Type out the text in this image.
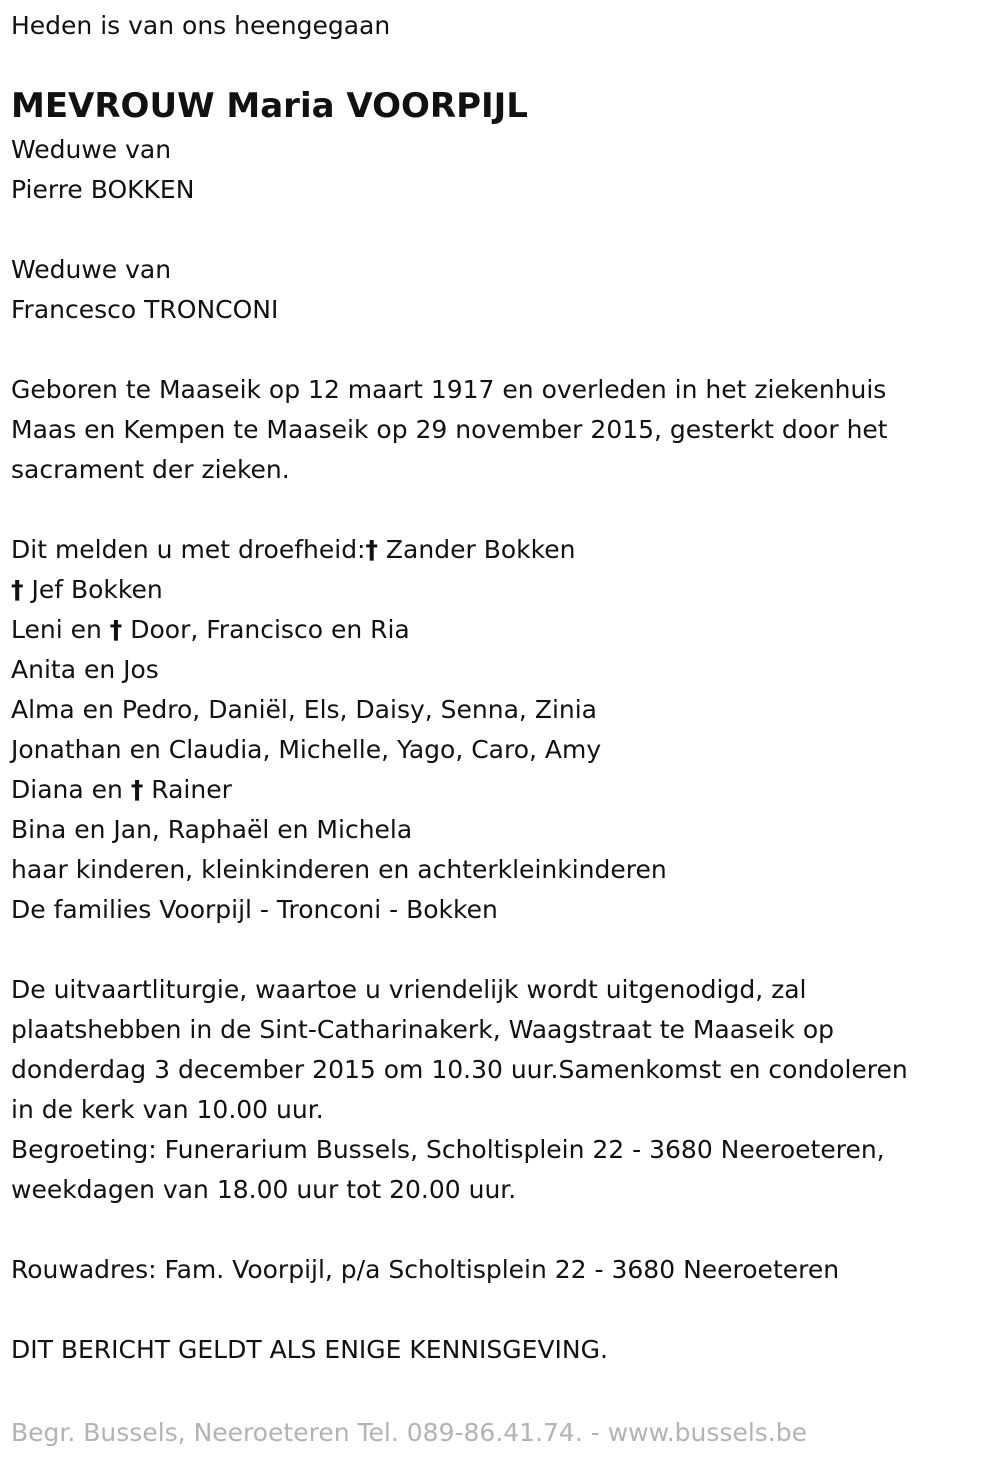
Heden is van ons heengegaan
MEVROUW Maria VOORPIJL
Weduwe van
Pierre BOKKEN
Weduwe van
Francesco TRONCONI
Geboren te Maaseik op 12 maart 1917 en overleden in het ziekenhuis
Maas en Kempen te Maaseik op 29 november 2015, gesterkt door het
sacrament der zieken.
Dit melden u met droefheid:† Zander Bokken
† Jef Bokken
Leni en † Door, Francisco en Ria
Anita en Jos
Alma en Pedro, Daniël, Els, Daisy, Senna, Zinia
Jonathan en Claudia, Michelle, Yago, Caro, Amy
Diana en † Rainer
Bina en Jan, Raphaël en Michela
haar kinderen, kleinkinderen en achterkleinkinderen
De families Voorpijl - Tronconi - Bokken
De uitvaartliturgie, waartoe u vriendelijk wordt uitgenodigd, zal
plaatshebben in de Sint-Catharinakerk, Waagstraat te Maaseik op
donderdag 3 december 2015 om 10.30 uur.Samenkomst en condoleren
in de kerk van 10.00 uur.
Begroeting: Funerarium Bussels, Scholtisplein 22 - 3680 Neeroeteren,
weekdagen van 18.00 uur tot 20.00 uur.
Rouwadres: Fam. Voorpijl, p/a Scholtisplein 22 - 3680 Neeroeteren
DIT BERICHT GELDT ALS ENIGE KENNISGEVING.
Begr. Bussels, Neeroeteren Tel. 089-86.41.74. - www.bussels.be
